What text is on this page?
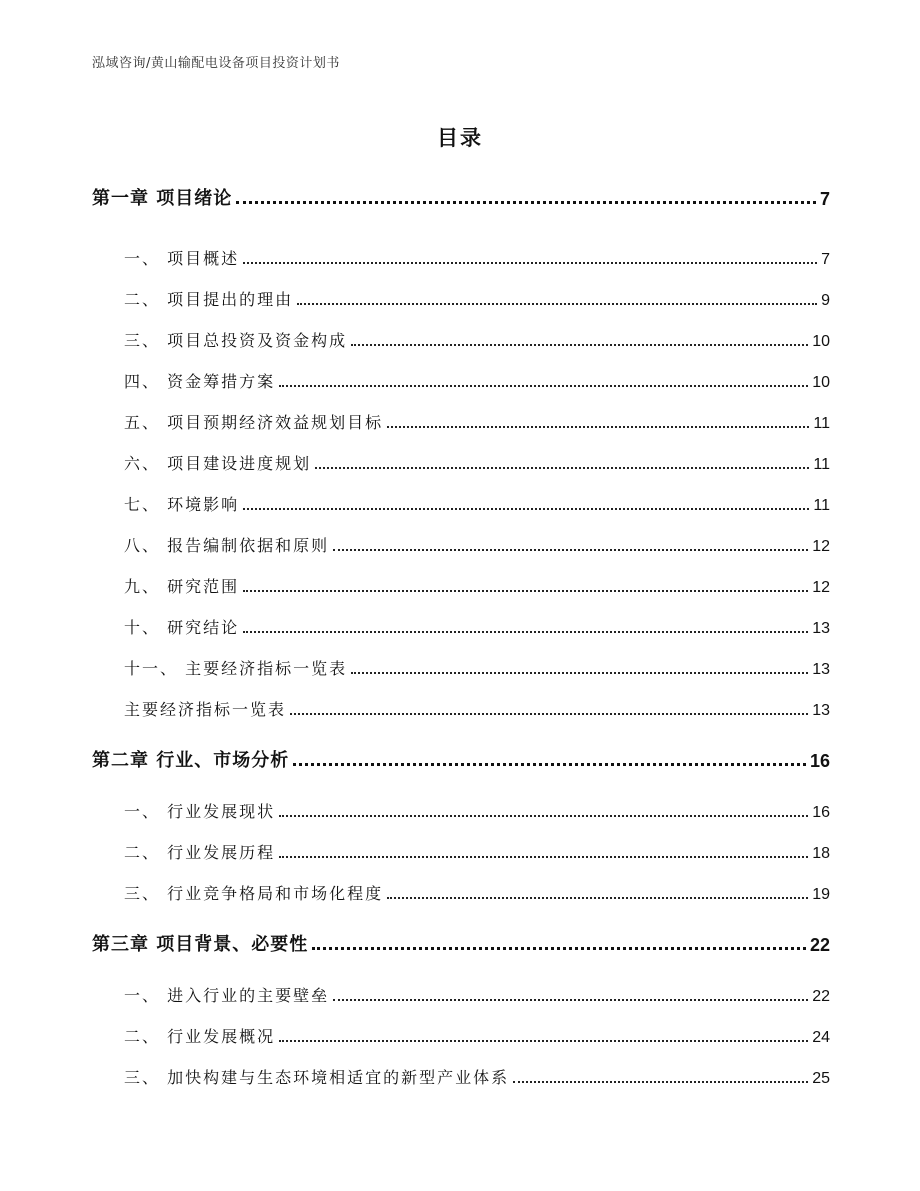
泓域咨询/黄山输配电设备项目投资计划书
目录
第一章 项目绪论	7
一、 项目概述	7
二、 项目提出的理由	9
三、 项目总投资及资金构成	10
四、 资金筹措方案	10
五、 项目预期经济效益规划目标	11
六、 项目建设进度规划	11
七、 环境影响	11
八、 报告编制依据和原则	12
九、 研究范围	12
十、 研究结论	13
十一、 主要经济指标一览表	13
主要经济指标一览表	13
第二章 行业、市场分析	16
一、 行业发展现状	16
二、 行业发展历程	18
三、 行业竞争格局和市场化程度	19
第三章 项目背景、必要性	22
一、 进入行业的主要壁垒	22
二、 行业发展概况	24
三、 加快构建与生态环境相适宜的新型产业体系	25
